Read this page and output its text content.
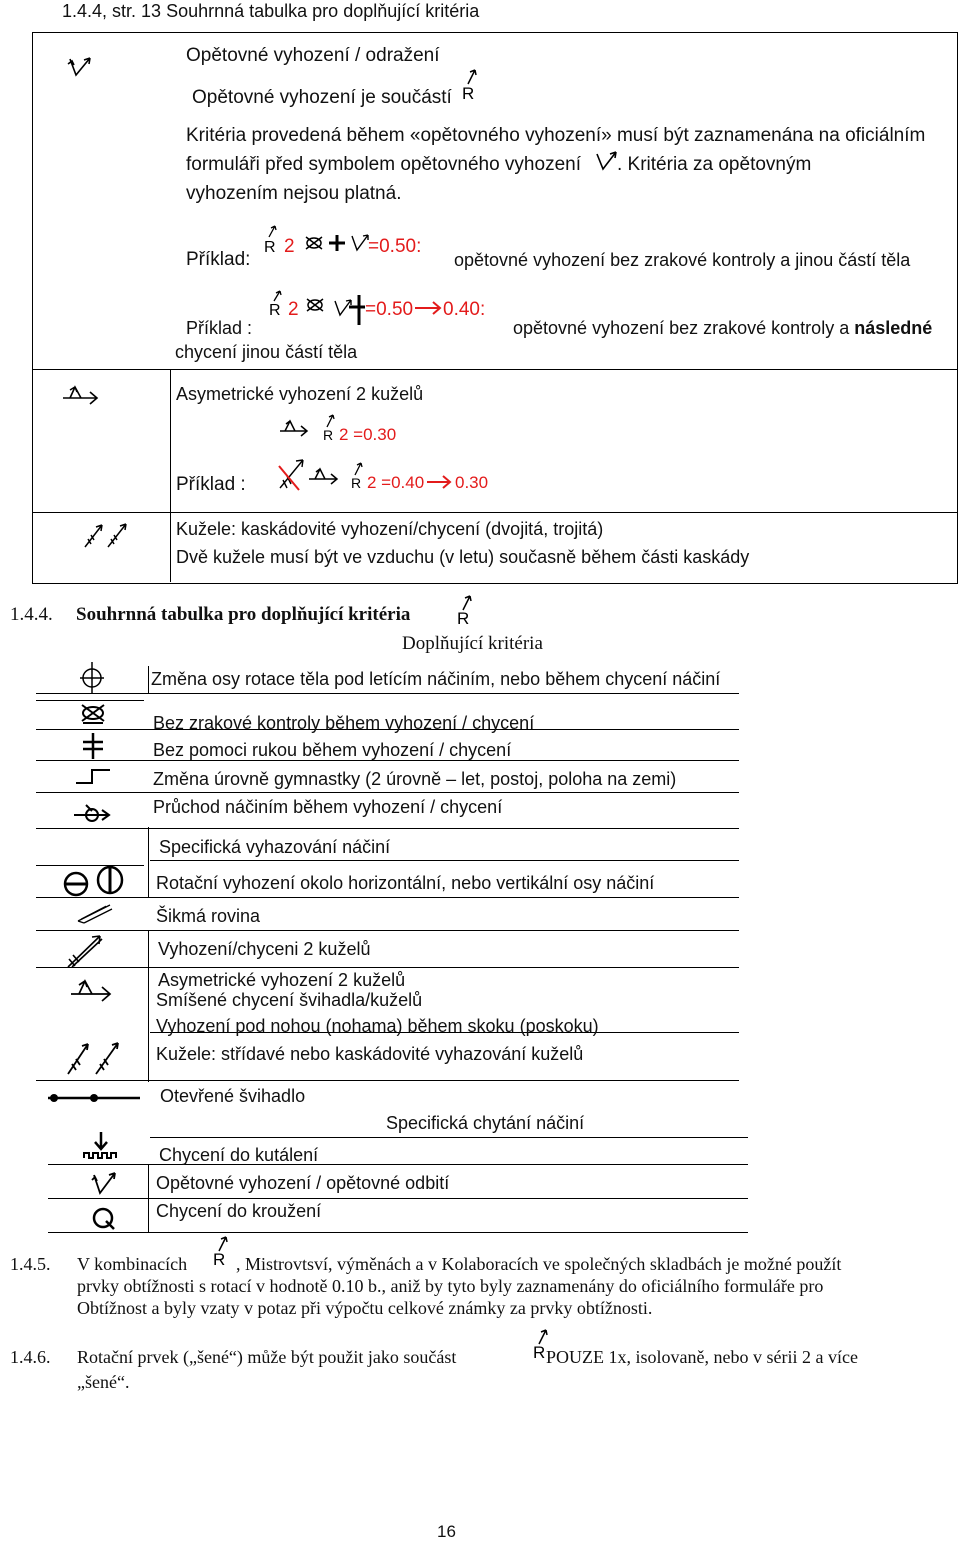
1.4.4, str. 13 Souhrnná tabulka pro doplňující kritéria
Opětovné vyhození / odražení
Opětovné vyhození je součástí R
Kritéria provedená během «opětovného vyhození» musí být zaznamenána na oficiálním
formuláři před symbolem opětovného vyhození . Kritéria za opětovným
vyhozením nejsou platná.
Příklad:
R 2	=0.50:
opětovné vyhození bez zrakové kontroly a jinou částí těla
R 2	=0.50 0.40:
Příklad :	opětovné vyhození bez zrakové kontroly a následné
chycení jinou částí těla
Asymetrické vyhození 2 kuželů
R 2 =0.30
Příklad :	R 2 =0.40 0.30
Kužele: kaskádovité vyhození/chycení (dvojitá, trojitá)
Dvě kužele musí být ve vzduchu (v letu) současně během části kaskády
1.4.4. Souhrnná tabulka pro doplňující kritéria	R
Doplňující kritéria
Změna osy rotace těla pod letícím náčiním, nebo během chycení náčiní
Bez zrakové kontroly během vyhození / chycení
Bez pomoci rukou během vyhození / chycení
Změna úrovně gymnastky (2 úrovně – let, postoj, poloha na zemi)
Průchod náčiním během vyhození / chycení
Specifická vyhazování náčiní
Rotační vyhození okolo horizontální, nebo vertikální osy náčiní
Šikmá rovina
Vyhození/chyceni 2 kuželů
Asymetrické vyhození 2 kuželů
Smíšené chycení švihadla/kuželů
Vyhození pod nohou (nohama) během skoku (poskoku)
Kužele: střídavé nebo kaskádovité vyhazování kuželů
Otevřené švihadlo
Specifická chytání náčiní
Chycení do kutálení
Opětovné vyhození / opětovné odbití
Chycení do kroužení
1.4.5. V kombinacích R , Mistrovtsví, výměnách a v Kolaboracích ve společných skladbách je možné použít
prvky obtížnosti s rotací v hodnotě 0.10 b., aniž by tyto byly zaznamenány do oficiálního formuláře pro
Obtížnost a byly vzaty v potaz při výpočtu celkové známky za prvky obtížnosti.
1.4.6. Rotační prvek („šené“) může být použit jako součást	R POUZE 1x, isolovaně, nebo v sérii 2 a více
„šené“.
16
